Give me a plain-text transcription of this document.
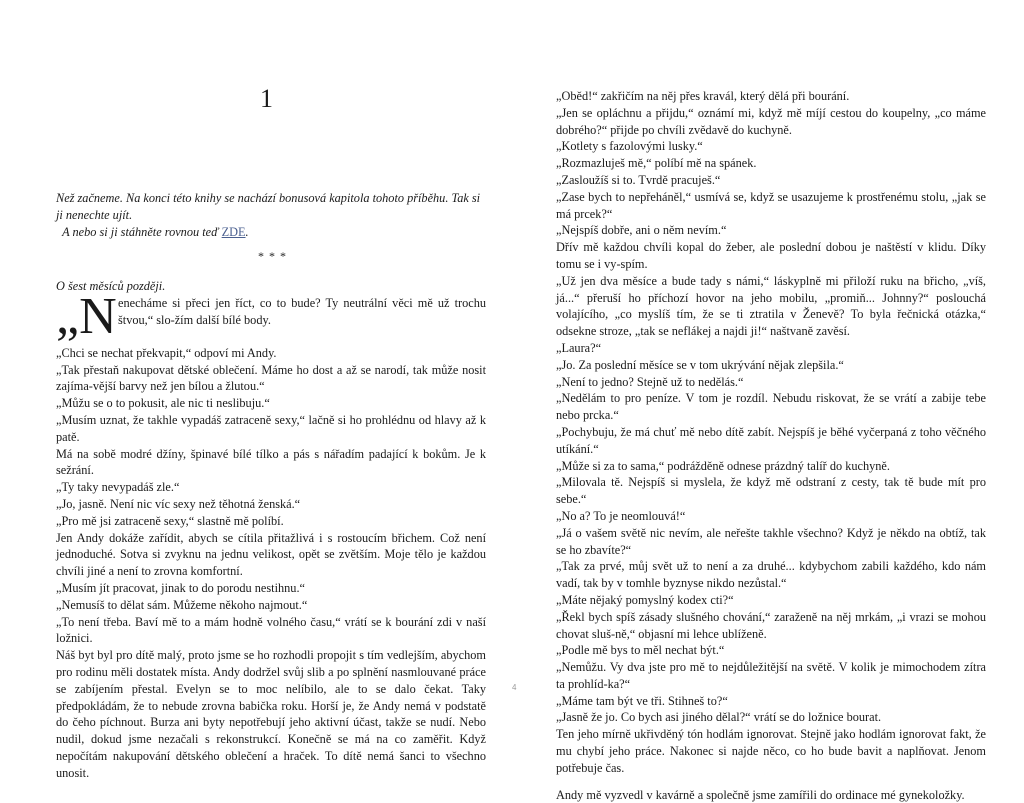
1

Než začneme. Na konci této knihy se nachází bonusová kapitola tohoto příběhu. Tak si ji nenechte ujít.

A nebo si ji stáhněte rovnou teď ZDE.

* * *

O šest měsíců později.

„N enecháme si přeci jen říct, co to bude? Ty neutrální věci mě už trochu štvou,“ slo-žím další bílé body.

„Chci se nechat překvapit,“ odpoví mi Andy.

„Tak přestaň nakupovat dětské oblečení. Máme ho dost a až se narodí, tak může nosit zajíma-vější barvy než jen bílou a žlutou.“

„Můžu se o to pokusit, ale nic ti neslibuju.“

„Musím uznat, že takhle vypadáš zatraceně sexy,“ lačně si ho prohlédnu od hlavy až k patě.

Má na sobě modré džíny, špinavé bílé tílko a pás s nářadím padající k bokům. Je k sežrání.

„Ty taky nevypadáš zle.“

„Jo, jasně. Není nic víc sexy než těhotná ženská.“

„Pro mě jsi zatraceně sexy,“ slastně mě políbí.

Jen Andy dokáže zařídit, abych se cítila přitažlivá i s rostoucím břichem. Což není jednoduché. Sotva si zvyknu na jednu velikost, opět se zvětším. Moje tělo je každou chvíli jiné a není to zrovna komfortní.

„Musím jít pracovat, jinak to do porodu nestihnu.“

„Nemusíš to dělat sám. Můžeme někoho najmout.“

„To není třeba. Baví mě to a mám hodně volného času,“ vrátí se k bourání zdi v naší ložnici.

Náš byt byl pro dítě malý, proto jsme se ho rozhodli propojit s tím vedlejším, abychom pro rodinu měli dostatek místa. Andy dodržel svůj slib a po splnění nasmlouvané práce se zabíjením přestal. Evelyn se to moc nelíbilo, ale to se dalo čekat. Taky předpokládám, že to nebude zrovna babička roku. Horší je, že Andy nemá v podstatě do čeho píchnout. Burza ani byty nepotřebují jeho aktivní účast, takže se nudí. Nebo nudil, dokud jsme nezačali s rekonstrukcí. Konečně se má na co zaměřit. Když nepočítám nakupování dětského oblečení a hraček. To dítě nemá šanci to všechno unosit.

„Oběd!“ zakřičím na něj přes kravál, který dělá při bourání.

„Jen se opláchnu a přijdu,“ oznámí mi, když mě míjí cestou do koupelny, „co máme dobrého?“ přijde po chvíli zvědavě do kuchyně.

„Kotlety s fazolovými lusky.“

„Rozmazluješ mě,“ políbí mě na spánek.

„Zasloužíš si to. Tvrdě pracuješ.“

„Zase bych to nepřeháněl,“ usmívá se, když se usazujeme k prostřenému stolu, „jak se má prcek?“

„Nejspíš dobře, ani o něm nevím.“

Dřív mě každou chvíli kopal do žeber, ale poslední dobou je naštěstí v klidu. Díky tomu se i vy-spím.

„Už jen dva měsíce a bude tady s námi,“ láskyplně mi přiloží ruku na břicho, „víš, já...“ přeruší ho příchozí hovor na jeho mobilu, „promiň... Johnny?“ poslouchá volajícího, „co myslíš tím, že se ti ztratila v Ženevě? To byla řečnická otázka,“ odsekne stroze, „tak se neflákej a najdi ji!“ naštvaně zavěsí.

„Laura?“

„Jo. Za poslední měsíce se v tom ukrývání nějak zlepšila.“

„Není to jedno? Stejně už to nedělás.“

„Nedělám to pro peníze. V tom je rozdíl. Nebudu riskovat, že se vrátí a zabije tebe nebo prcka.“

„Pochybuju, že má chuť mě nebo dítě zabít. Nejspíš je běhé vyčerpaná z toho věčného utíkání.“

„Může si za to sama,“ podrážděně odnese prázdný talíř do kuchyně.

„Milovala tě. Nejspíš si myslela, že když mě odstraní z cesty, tak tě bude mít pro sebe.“

„No a? To je neomlouvá!“

„Já o vašem světě nic nevím, ale neřešte takhle všechno? Když je někdo na obtíž, tak se ho zbavíte?“

„Tak za prvé, můj svět už to není a za druhé... kdybychom zabili každého, kdo nám vadí, tak by v tomhle byznyse nikdo nezůstal.“

„Máte nějaký pomyslný kodex cti?“

„Řekl bych spíš zásady slušného chování,“ zaraženě na něj mrkám, „i vrazi se mohou chovat sluš-ně,“ objasní mi lehce ublíženě.

„Podle mě bys to měl nechat být.“

„Nemůžu. Vy dva jste pro mě to nejdůležitější na světě. V kolik je mimochodem zítra ta prohlíd-ka?“

„Máme tam být ve tři. Stihneš to?“

„Jasně že jo. Co bych asi jiného dělal?“ vrátí se do ložnice bourat.

Ten jeho mírně ukřivděný tón hodlám ignorovat. Stejně jako hodlám ignorovat fakt, že mu chybí jeho práce. Nakonec si najde něco, co ho bude bavit a naplňovat. Jenom potřebuje čas.

Andy mě vyzvedl v kavárně a společně jsme zamířili do ordinace mé gynekoložky.

4
